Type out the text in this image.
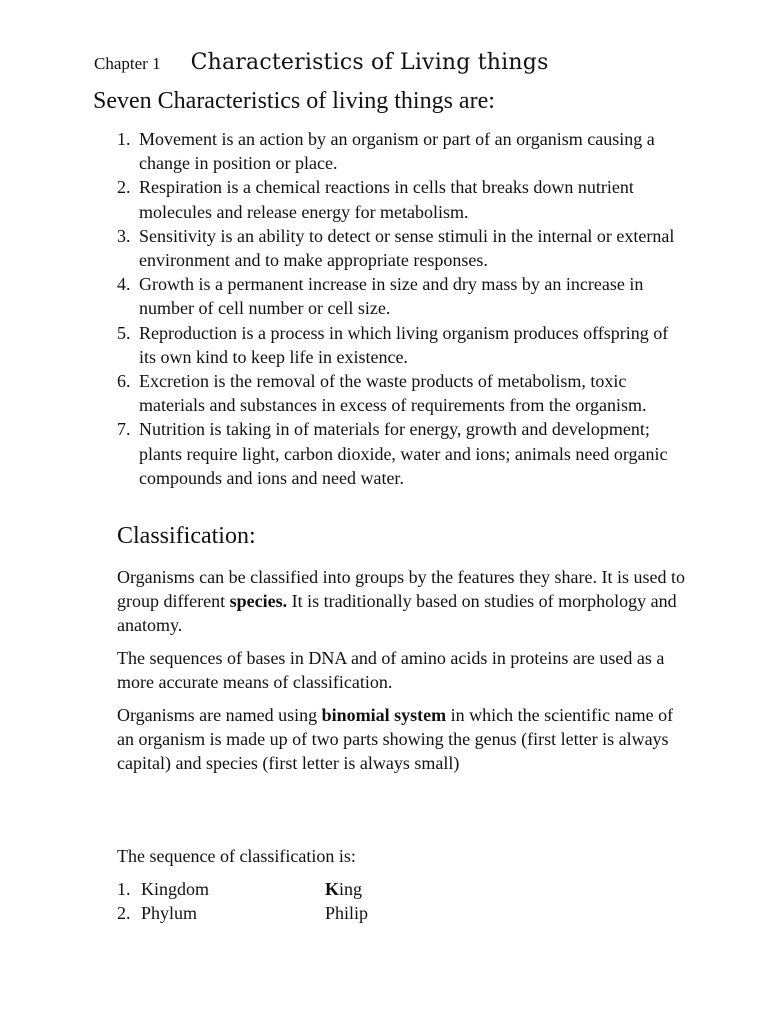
Chapter 1 Characteristics of Living things

Seven Characteristics of living things are:

1. Movement is an action by an organism or part of an organism causing a change in position or place.
2. Respiration is a chemical reactions in cells that breaks down nutrient molecules and release energy for metabolism.
3. Sensitivity is an ability to detect or sense stimuli in the internal or external environment and to make appropriate responses.
4. Growth is a permanent increase in size and dry mass by an increase in number of cell number or cell size.
5. Reproduction is a process in which living organism produces offspring of its own kind to keep life in existence.
6. Excretion is the removal of the waste products of metabolism, toxic materials and substances in excess of requirements from the organism.
7. Nutrition is taking in of materials for energy, growth and development; plants require light, carbon dioxide, water and ions; animals need organic compounds and ions and need water.
Classification:

Organisms can be classified into groups by the features they share. It is used to group different species. It is traditionally based on studies of morphology and anatomy.

The sequences of bases in DNA and of amino acids in proteins are used as a more accurate means of classification.

Organisms are named using binomial system in which the scientific name of an organism is made up of two parts showing the genus (first letter is always capital) and species (first letter is always small)

The sequence of classification is:

1. Kingdom	King
2. Phylum	Philip
